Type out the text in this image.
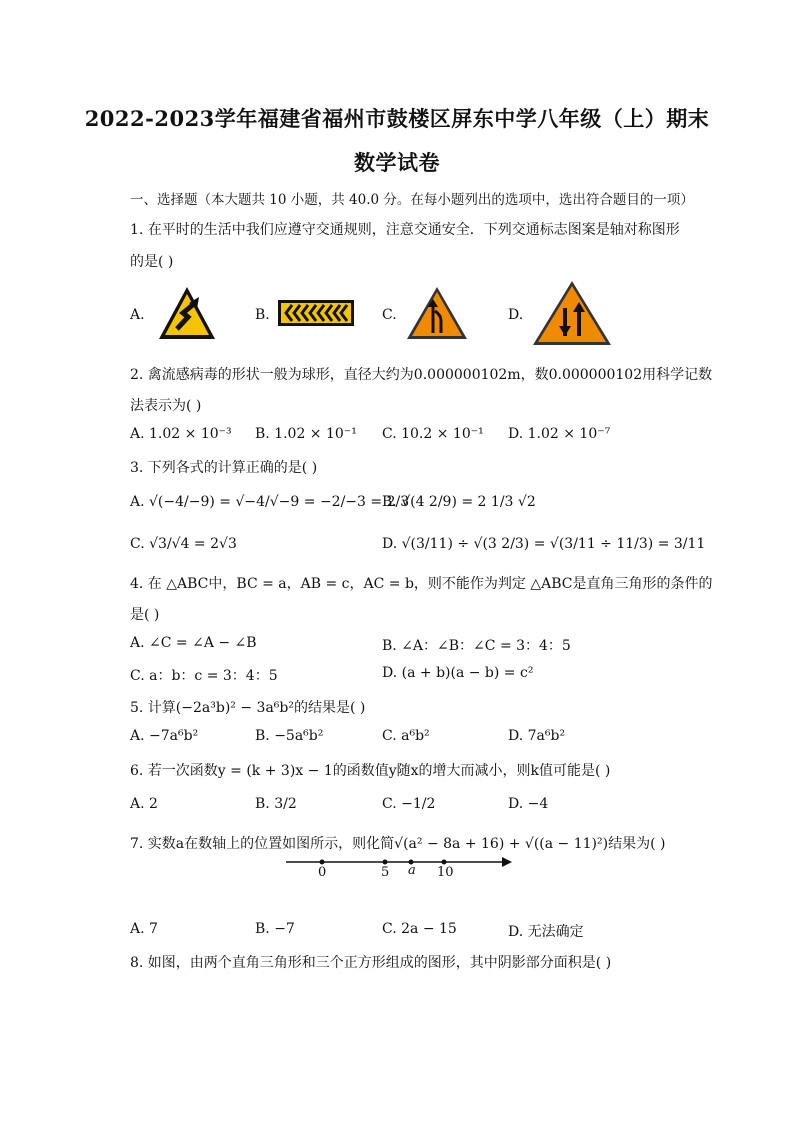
2022-2023学年福建省福州市鼓楼区屏东中学八年级（上）期末
数学试卷
一、选择题（本大题共 10 小题，共 40.0 分。在每小题列出的选项中，选出符合题目的一项）
1. 在平时的生活中我们应遵守交通规则，注意交通安全．下列交通标志图案是轴对称图形
的是( )
A.	B.	C.	D.
2. 禽流感病毒的形状一般为球形，直径大约为0.000000102m，数0.000000102用科学记数
法表示为( )
A. 1.02 × 10⁻³ B. 1.02 × 10⁻¹ C. 10.2 × 10⁻¹ D. 1.02 × 10⁻⁷
3. 下列各式的计算正确的是( )
A. √(−4/−9) = √−4/√−9 = −2/−3 = 2/3
B. √(4 2/9) = 2 1/3 √2
C. √3/√4 = 2√3	D. √(3/11) ÷ √(3 2/3) = √(3/11 ÷ 11/3) = 3/11
4. 在 △ABC中，BC = a，AB = c，AC = b，则不能作为判定 △ABC是直角三角形的条件的
是( )
A. ∠C = ∠A − ∠B	B. ∠A：∠B：∠C = 3：4：5
C. a：b：c = 3：4：5	D. (a + b)(a − b) = c²
5. 计算(−2a³b)² − 3a⁶b²的结果是( )
A. −7a⁶b²	B. −5a⁶b²	C. a⁶b²	D. 7a⁶b²
6. 若一次函数y = (k + 3)x − 1的函数值y随x的增大而减小，则k值可能是( )
A. 2	B. 3/2	C. −1/2	D. −4
7. 实数a在数轴上的位置如图所示，则化简√(a² − 8a + 16) + √((a − 11)²)结果为( )
0	5 a 10
A. 7	B. −7	C. 2a − 15	D. 无法确定
8. 如图，由两个直角三角形和三个正方形组成的图形，其中阴影部分面积是( )
